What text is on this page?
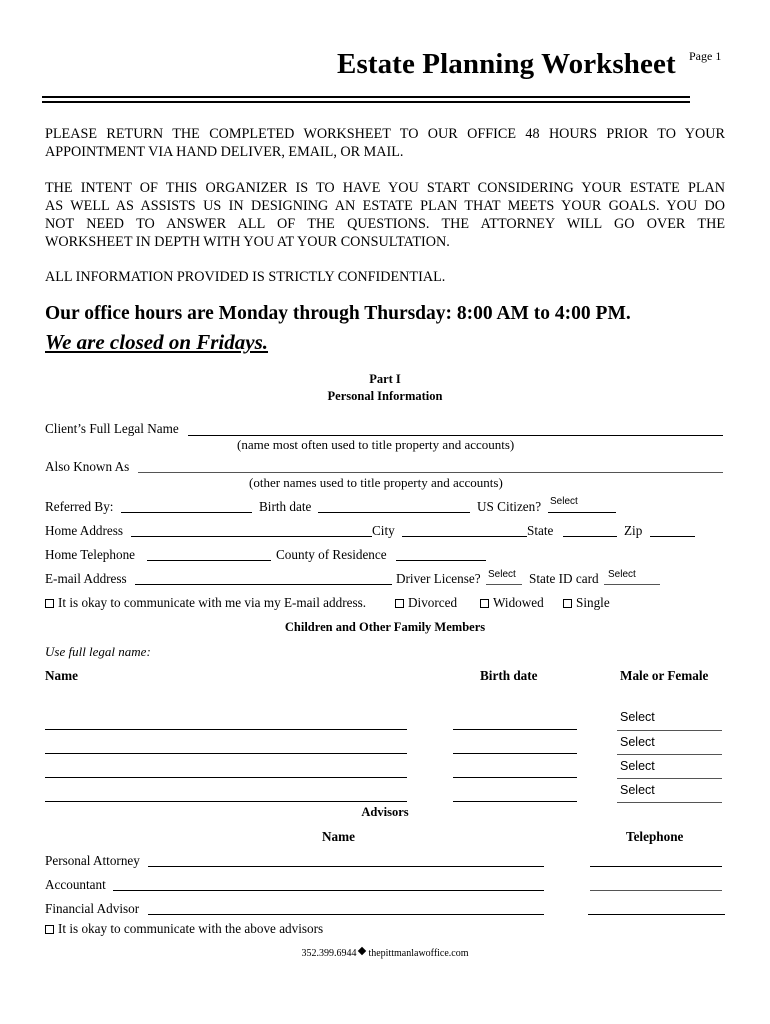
Estate Planning Worksheet Page 1
PLEASE RETURN THE COMPLETED WORKSHEET TO OUR OFFICE 48 HOURS PRIOR TO YOUR
APPOINTMENT VIA HAND DELIVER, EMAIL, OR MAIL.
THE INTENT OF THIS ORGANIZER IS TO HAVE YOU START CONSIDERING YOUR ESTATE PLAN
AS WELL AS ASSISTS US IN DESIGNING AN ESTATE PLAN THAT MEETS YOUR GOALS. YOU DO
NOT NEED TO ANSWER ALL OF THE QUESTIONS. THE ATTORNEY WILL GO OVER THE
WORKSHEET IN DEPTH WITH YOU AT YOUR CONSULTATION.
ALL INFORMATION PROVIDED IS STRICTLY CONFIDENTIAL.
Our office hours are Monday through Thursday: 8:00 AM to 4:00 PM.
We are closed on Fridays.
Part I
Personal Information
Client’s Full Legal Name
(name most often used to title property and accounts)
Also Known As
(other names used to title property and accounts)
Referred By:	Birth date	US Citizen? Select
Home Address	City	State	Zip
Home Telephone	County of Residence
E-mail Address	Driver License? Select State ID card Select
It is okay to communicate with me via my E-mail address.	Divorced	Widowed	Single
Children and Other Family Members
Use full legal name:
Name	Birth date	Male or Female
Select
Select
Select
Select
Advisors
Name	Telephone
Personal Attorney
Accountant
Financial Advisor
It is okay to communicate with the above advisors
352.399.6944 thepittmanlawoffice.com
